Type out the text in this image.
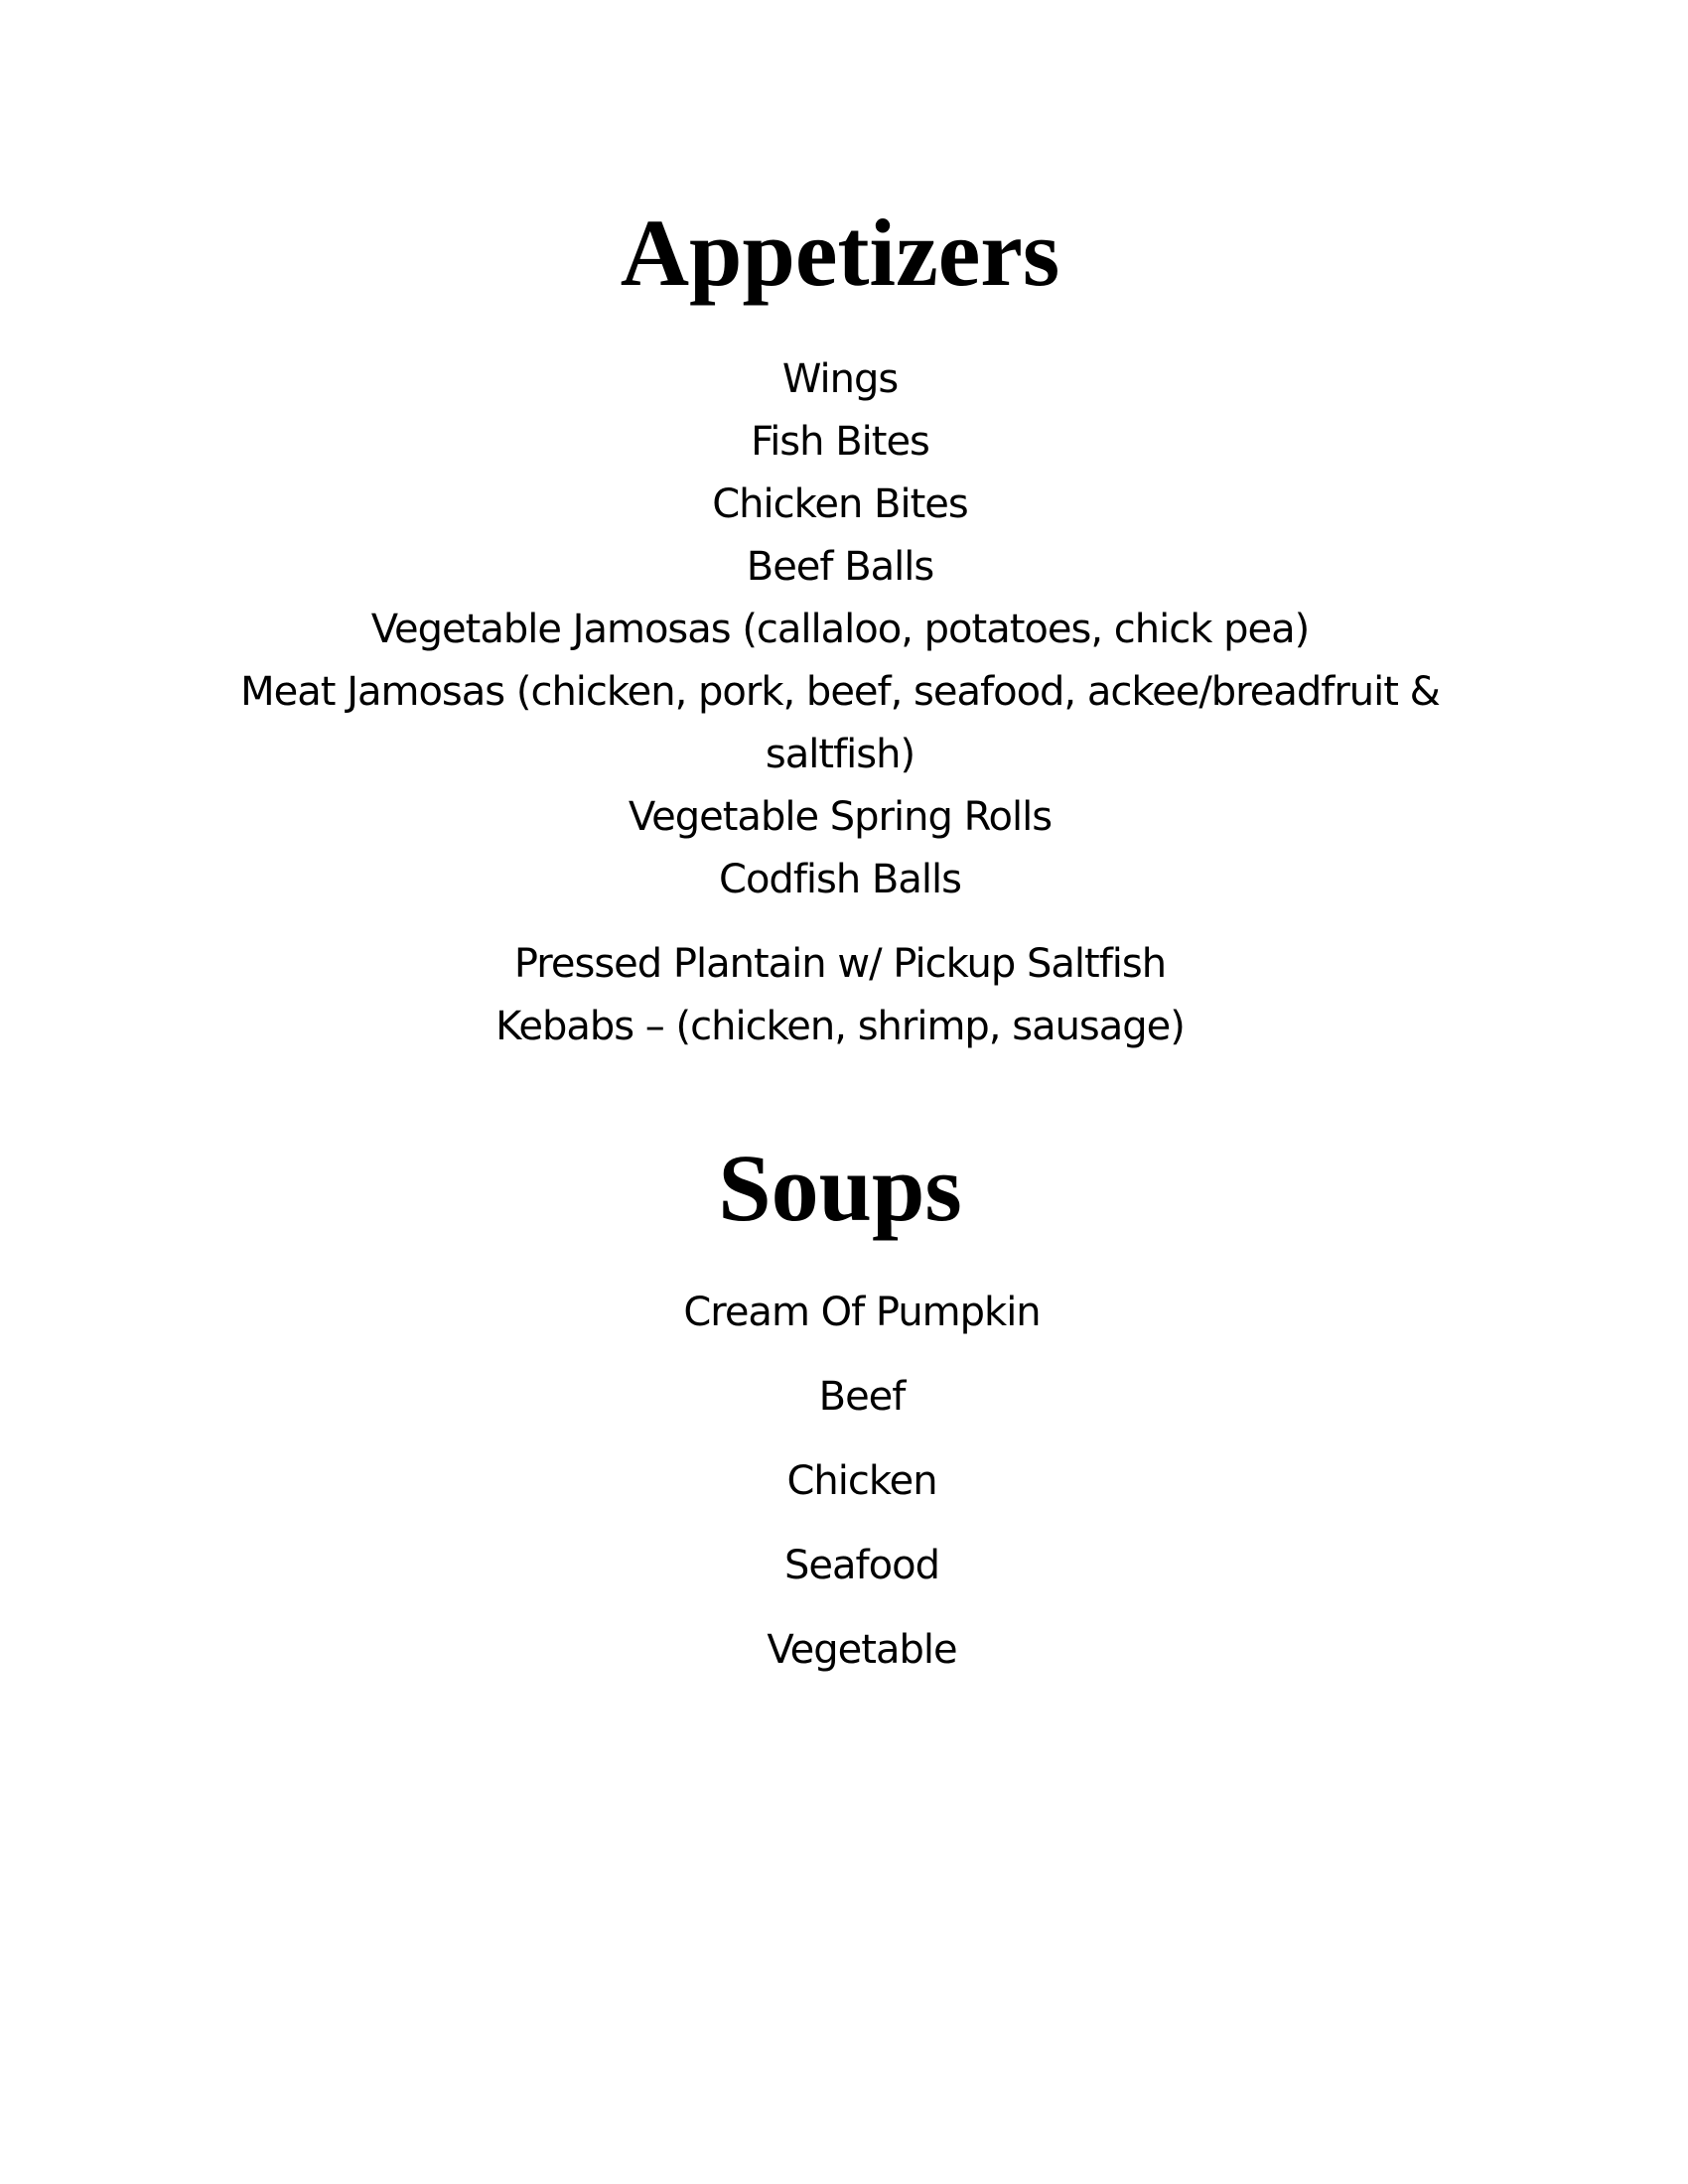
Appetizers
Wings
Fish Bites
Chicken Bites
Beef Balls
Vegetable Jamosas (callaloo, potatoes, chick pea)
Meat Jamosas (chicken, pork, beef, seafood, ackee/breadfruit & saltfish)
Vegetable Spring Rolls
Codfish Balls
Pressed Plantain w/ Pickup Saltfish
Kebabs – (chicken, shrimp, sausage)
Soups
Cream Of Pumpkin
Beef
Chicken
Seafood
Vegetable
